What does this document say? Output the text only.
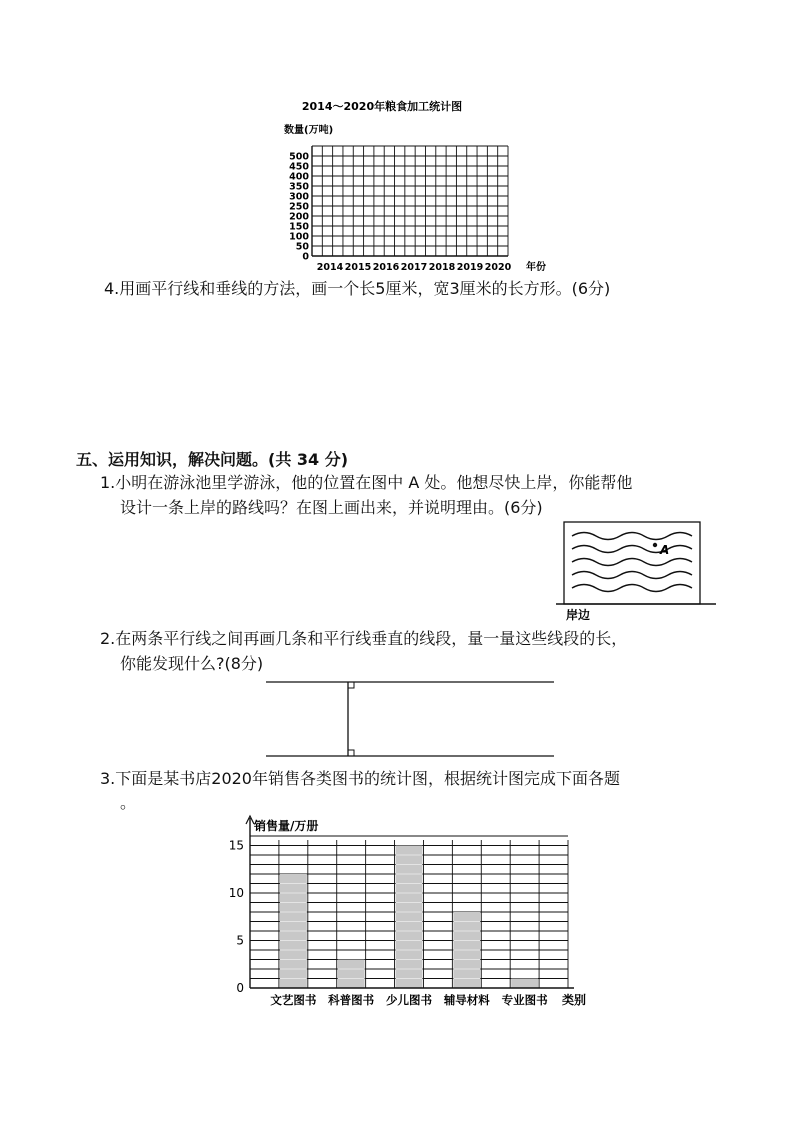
2014～2020年粮食加工统计图
数量(万吨)
500
450
400
350
300
250
200
150
100
50
0
2014 2015 2016 2017 2018 2019 2020 年份
4.用画平行线和垂线的方法，画一个长5厘米，宽3厘米的长方形。(6分)
五、运用知识，解决问题。(共 34 分)
1.小明在游泳池里学游泳，他的位置在图中 A 处。他想尽快上岸，你能帮他
设计一条上岸的路线吗？在图上画出来，并说明理由。(6分)
A
岸边
2.在两条平行线之间再画几条和平行线垂直的线段，量一量这些线段的长，
你能发现什么?(8分)
3.下面是某书店2020年销售各类图书的统计图，根据统计图完成下面各题
。
销售量/万册
15
10
5
0
文艺图书 科普图书 少儿图书 辅导材料 专业图书 类别
